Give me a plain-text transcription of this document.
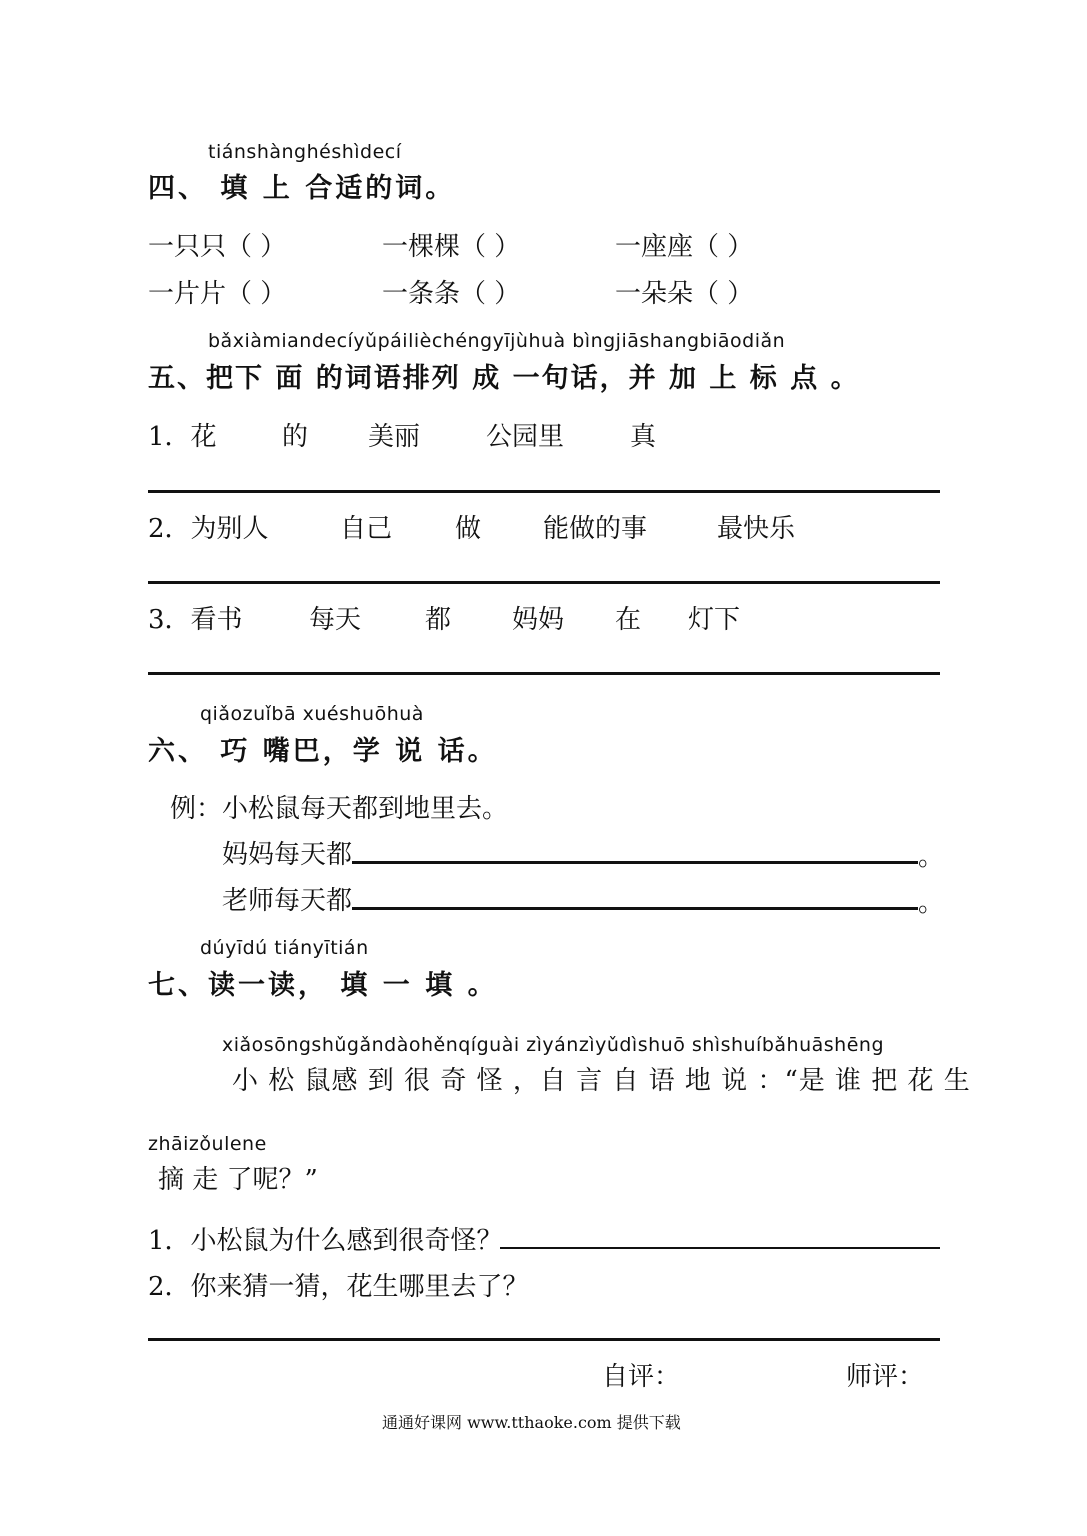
tiánshànghéshìdecí
四、 填 上 合适的词。
一只只（ ）	一棵棵（ ）	一座座（ ）
一片片（ ）	一条条（ ）	一朵朵（ ）
bǎxiàmiandecíyǔpáilièchéngyījùhuà bìngjiāshangbiāodiǎn
五、把下 面 的词语排列 成 一句话，并 加 上 标 点 。
1．花	的 美丽	公园里	真
2．为别人	自己 做 能做的事	最快乐
3．看书	每天 都 妈妈 在 灯下
qiǎozuǐbā xuéshuōhuà
六、 巧 嘴巴，学 说 话。
例：小松鼠每天都到地里去。
妈妈每天都	。
老师每天都	。
dúyīdú tiányītián
七、读一读， 填 一 填 。
xiǎosōngshǔgǎndàohěnqíguài zìyánzìyǔdìshuō shìshuíbǎhuāshēng
小 松 鼠感 到 很 奇 怪 ，自 言 自 语 地 说 ：“是 谁 把 花 生
zhāizǒulene
摘 走 了呢？”
1．小松鼠为什么感到很奇怪？
2．你来猜一猜，花生哪里去了？
自评：	师评：
通通好课网 www.tthaoke.com 提供下载
